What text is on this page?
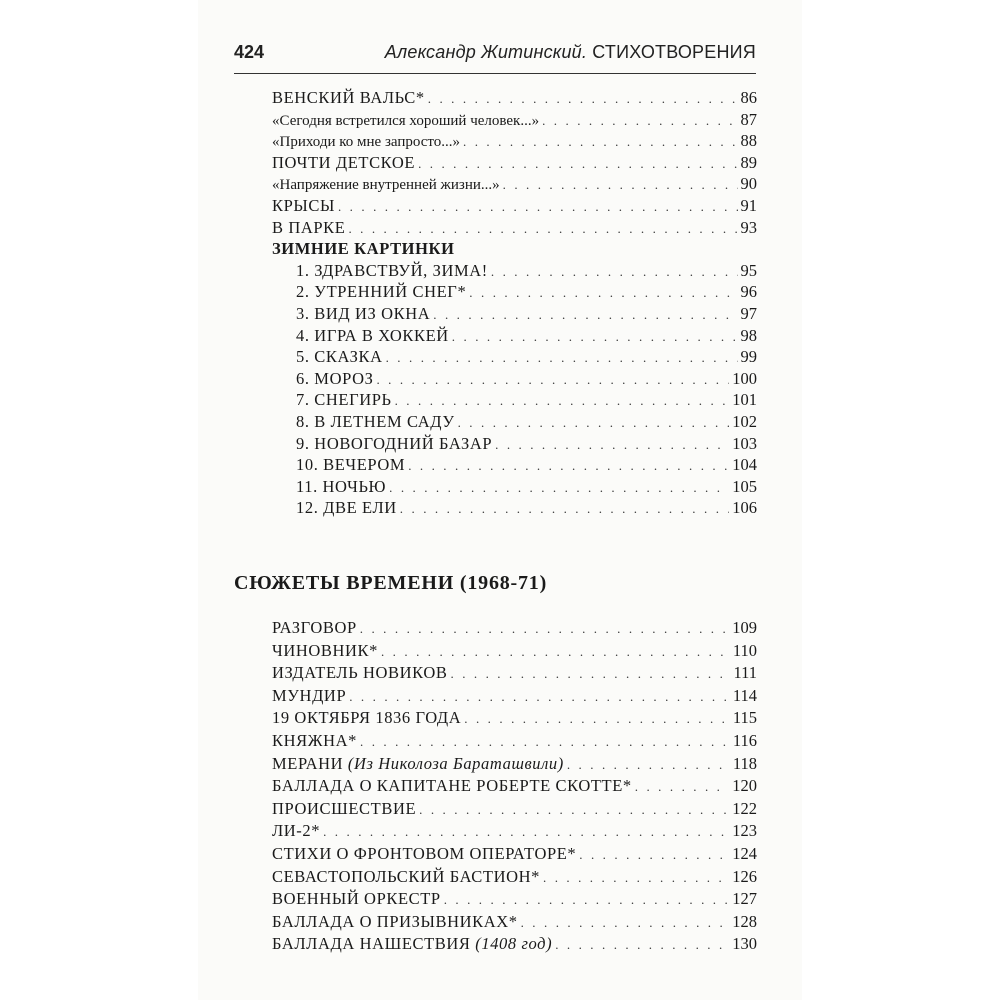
424	Александр Житинский. СТИХОТВОРЕНИЯ
ВЕНСКИЙ ВАЛЬС* . . .	86
«Сегодня встретился хороший человек...» . . .	87
«Приходи ко мне запросто...» . . .	88
ПОЧТИ ДЕТСКОЕ . . .	89
«Напряжение внутренней жизни...» . . .	90
КРЫСЫ . . .	91
В ПАРКЕ . . .	93
ЗИМНИЕ КАРТИНКИ
1. ЗДРАВСТВУЙ, ЗИМА! . . .	95
2. УТРЕННИЙ СНЕГ* . . .	96
3. ВИД ИЗ ОКНА . . .	97
4. ИГРА В ХОККЕЙ . . .	98
5. СКАЗКА . . .	99
6. МОРОЗ . . .	100
7. СНЕГИРЬ . . .	101
8. В ЛЕТНЕМ САДУ . . .	102
9. НОВОГОДНИЙ БАЗАР . . .	103
10. ВЕЧЕРОМ . . .	104
11. НОЧЬЮ . . .	105
12. ДВЕ ЕЛИ . . .	106
РАЗГОВОР . . .	109
ЧИНОВНИК* . . .	110
ИЗДАТЕЛЬ НОВИКОВ . . .	111
МУНДИР . . .	114
19 ОКТЯБРЯ 1836 ГОДА . . .	115
КНЯЖНА* . . .	116
МЕРАНИ (Из Николоза Бараташвили) . . .	118
БАЛЛАДА О КАПИТАНЕ РОБЕРТЕ СКОТТЕ* . . .	120
ПРОИСШЕСТВИЕ . . .	122
ЛИ-2* . . .	123
СТИХИ О ФРОНТОВОМ ОПЕРАТОРЕ* . . .	124
СЕВАСТОПОЛЬСКИЙ БАСТИОН* . . .	126
ВОЕННЫЙ ОРКЕСТР . . .	127
БАЛЛАДА О ПРИЗЫВНИКАХ* . . .	128
БАЛЛАДА НАШЕСТВИЯ (1408 год) . . .	130
СЮЖЕТЫ ВРЕМЕНИ (1968-71)
